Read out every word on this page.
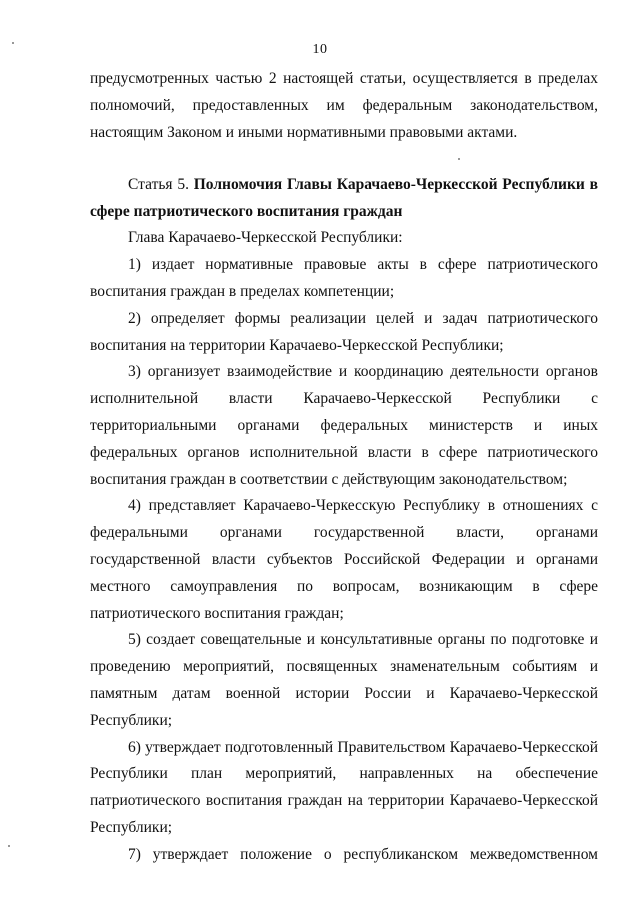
10

предусмотренных частью 2 настоящей статьи, осуществляется в пределах полномочий, предоставленных им федеральным законодательством, настоящим Законом и иными нормативными правовыми актами.

Статья 5. Полномочия Главы Карачаево-Черкесской Республики в сфере патриотического воспитания граждан

Глава Карачаево-Черкесской Республики:

1) издает нормативные правовые акты в сфере патриотического воспитания граждан в пределах компетенции;

2) определяет формы реализации целей и задач патриотического воспитания на территории Карачаево-Черкесской Республики;

3) организует взаимодействие и координацию деятельности органов исполнительной власти Карачаево-Черкесской Республики с территориальными органами федеральных министерств и иных федеральных органов исполнительной власти в сфере патриотического воспитания граждан в соответствии с действующим законодательством;

4) представляет Карачаево-Черкесскую Республику в отношениях с федеральными органами государственной власти, органами государственной власти субъектов Российской Федерации и органами местного самоуправления по вопросам, возникающим в сфере патриотического воспитания граждан;

5) создает совещательные и консультативные органы по подготовке и проведению мероприятий, посвященных знаменательным событиям и памятным датам военной истории России и Карачаево-Черкесской Республики;

6) утверждает подготовленный Правительством Карачаево-Черкесской Республики план мероприятий, направленных на обеспечение патриотического воспитания граждан на территории Карачаево-Черкесской Республики;

7) утверждает положение о республиканском межведомственном
